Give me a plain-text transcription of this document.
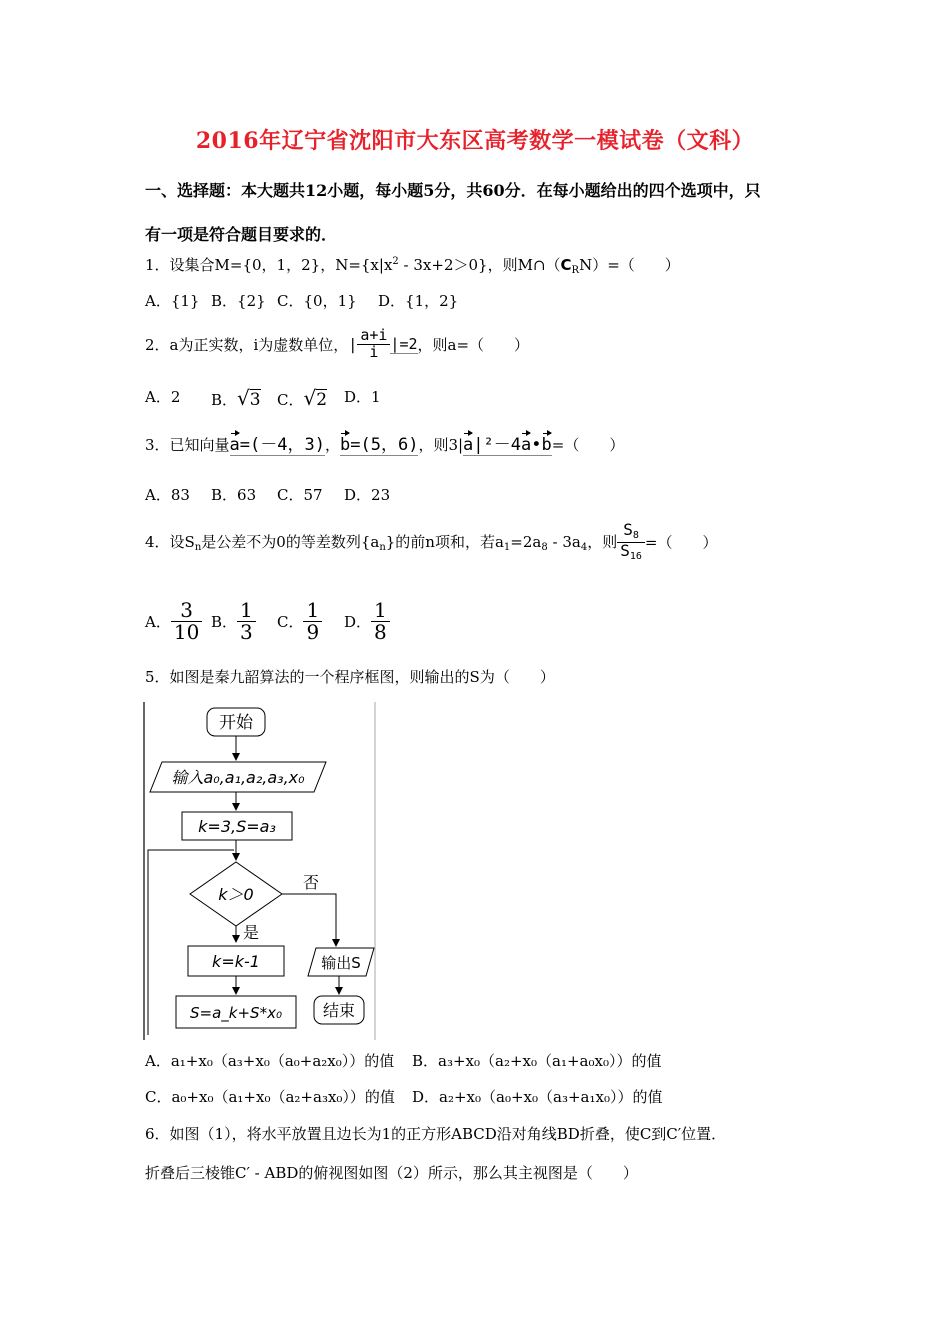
2016年辽宁省沈阳市大东区高考数学一模试卷（文科）
一、选择题：本大题共12小题，每小题5分，共60分．在每小题给出的四个选项中，只
有一项是符合题目要求的．
1．设集合M={0，1，2}，$N=\{x|x^2 - 3x+2>0\}$，则$M\cap(C_RN)=$（　　）
A．{1} B．{2} C．{0，1} D．{1，2}
2．a为正实数，i为虚数单位，| $\frac{a+i}{i} |=2$，则a=（　　）
A．2 B．√3 C．√2 D．1
3．已知向量a=(－4，3)，b=(5，6)，则3|a|²－4a•b=（　　）
A．83 B．63 C．57 D．23
4．设$S_n$是公差不为0的等差数列$\{a_n\}$的前n项和，若$a_1=2a_8 - 3a_4$，则 $\frac{S_8}{S_{16}}$ =（　　）
A． $\frac{3}{10}$ B． $\frac{1}{3}$ C． $\frac{1}{9}$ D． $\frac{1}{8}$
5．如图是秦九韶算法的一个程序框图，则输出的S为（　　）
开始
输入a₀,a₁,a₂,a₃,x₀
k=3,S=a₃
k＞0
否
是
k=k-1
S=a_k+S*x₀
输出S
结束
A．a₁+x₀（a₃+x₀（a₀+a₂x₀））的值 B．a₃+x₀（a₂+x₀（a₁+a₀x₀））的值
C．a₀+x₀（a₁+x₀（a₂+a₃x₀））的值 D．a₂+x₀（a₀+x₀（a₃+a₁x₀））的值
6．如图（1），将水平放置且边长为1的正方形ABCD沿对角线BD折叠，使C到C′位置．
折叠后三棱锥C′ - ABD的俯视图如图（2）所示，那么其主视图是（　　）
